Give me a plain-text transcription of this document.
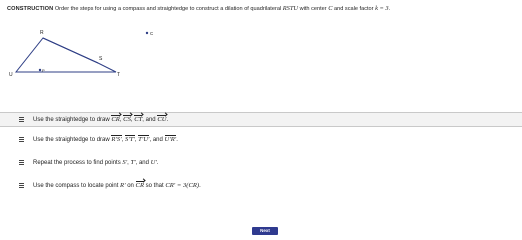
CONSTRUCTION Order the steps for using a compass and straightedge to construct a dilation of quadrilateral RSTU with center C and scale factor k = 3.
R
S
P
U	T
C
Use the straightedge to draw CR, CS, CT, and CU.
Use the straightedge to draw R′S′, S′T′, T′U′, and U′R′.
Repeat the process to find points S′, T′, and U′.
Use the compass to locate point R′ on CR so that CR′ = 3(CR).
Next
